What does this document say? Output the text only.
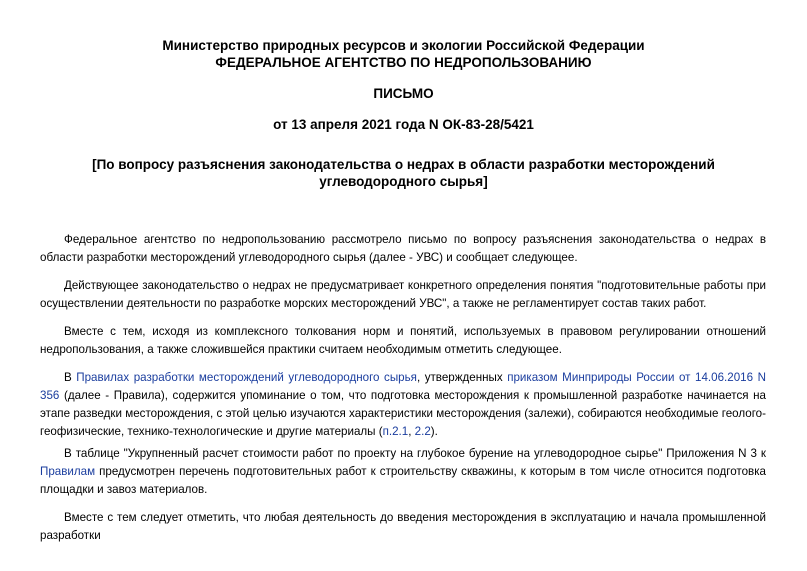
Министерство природных ресурсов и экологии Российской Федерации
ФЕДЕРАЛЬНОЕ АГЕНТСТВО ПО НЕДРОПОЛЬЗОВАНИЮ
ПИСЬМО
от 13 апреля 2021 года N ОК-83-28/5421
[По вопросу разъяснения законодательства о недрах в области разработки месторождений
углеводородного сырья]
Федеральное агентство по недропользованию рассмотрело письмо по вопросу разъяснения законодательства о недрах в области разработки месторождений углеводородного сырья (далее - УВС) и сообщает следующее.
Действующее законодательство о недрах не предусматривает конкретного определения понятия "подготовительные работы при осуществлении деятельности по разработке морских месторождений УВС", а также не регламентирует состав таких работ.
Вместе с тем, исходя из комплексного толкования норм и понятий, используемых в правовом регулировании отношений недропользования, а также сложившейся практики считаем необходимым отметить следующее.
В Правилах разработки месторождений углеводородного сырья, утвержденных приказом Минприроды России от 14.06.2016 N 356 (далее - Правила), содержится упоминание о том, что подготовка месторождения к промышленной разработке начинается на этапе разведки месторождения, с этой целью изучаются характеристики месторождения (залежи), собираются необходимые геолого-геофизические, технико-технологические и другие материалы (п.2.1, 2.2).
В таблице "Укрупненный расчет стоимости работ по проекту на глубокое бурение на углеводородное сырье" Приложения N 3 к Правилам предусмотрен перечень подготовительных работ к строительству скважины, к которым в том числе относится подготовка площадки и завоз материалов.
Вместе с тем следует отметить, что любая деятельность до введения месторождения в эксплуатацию и начала промышленной разработки
